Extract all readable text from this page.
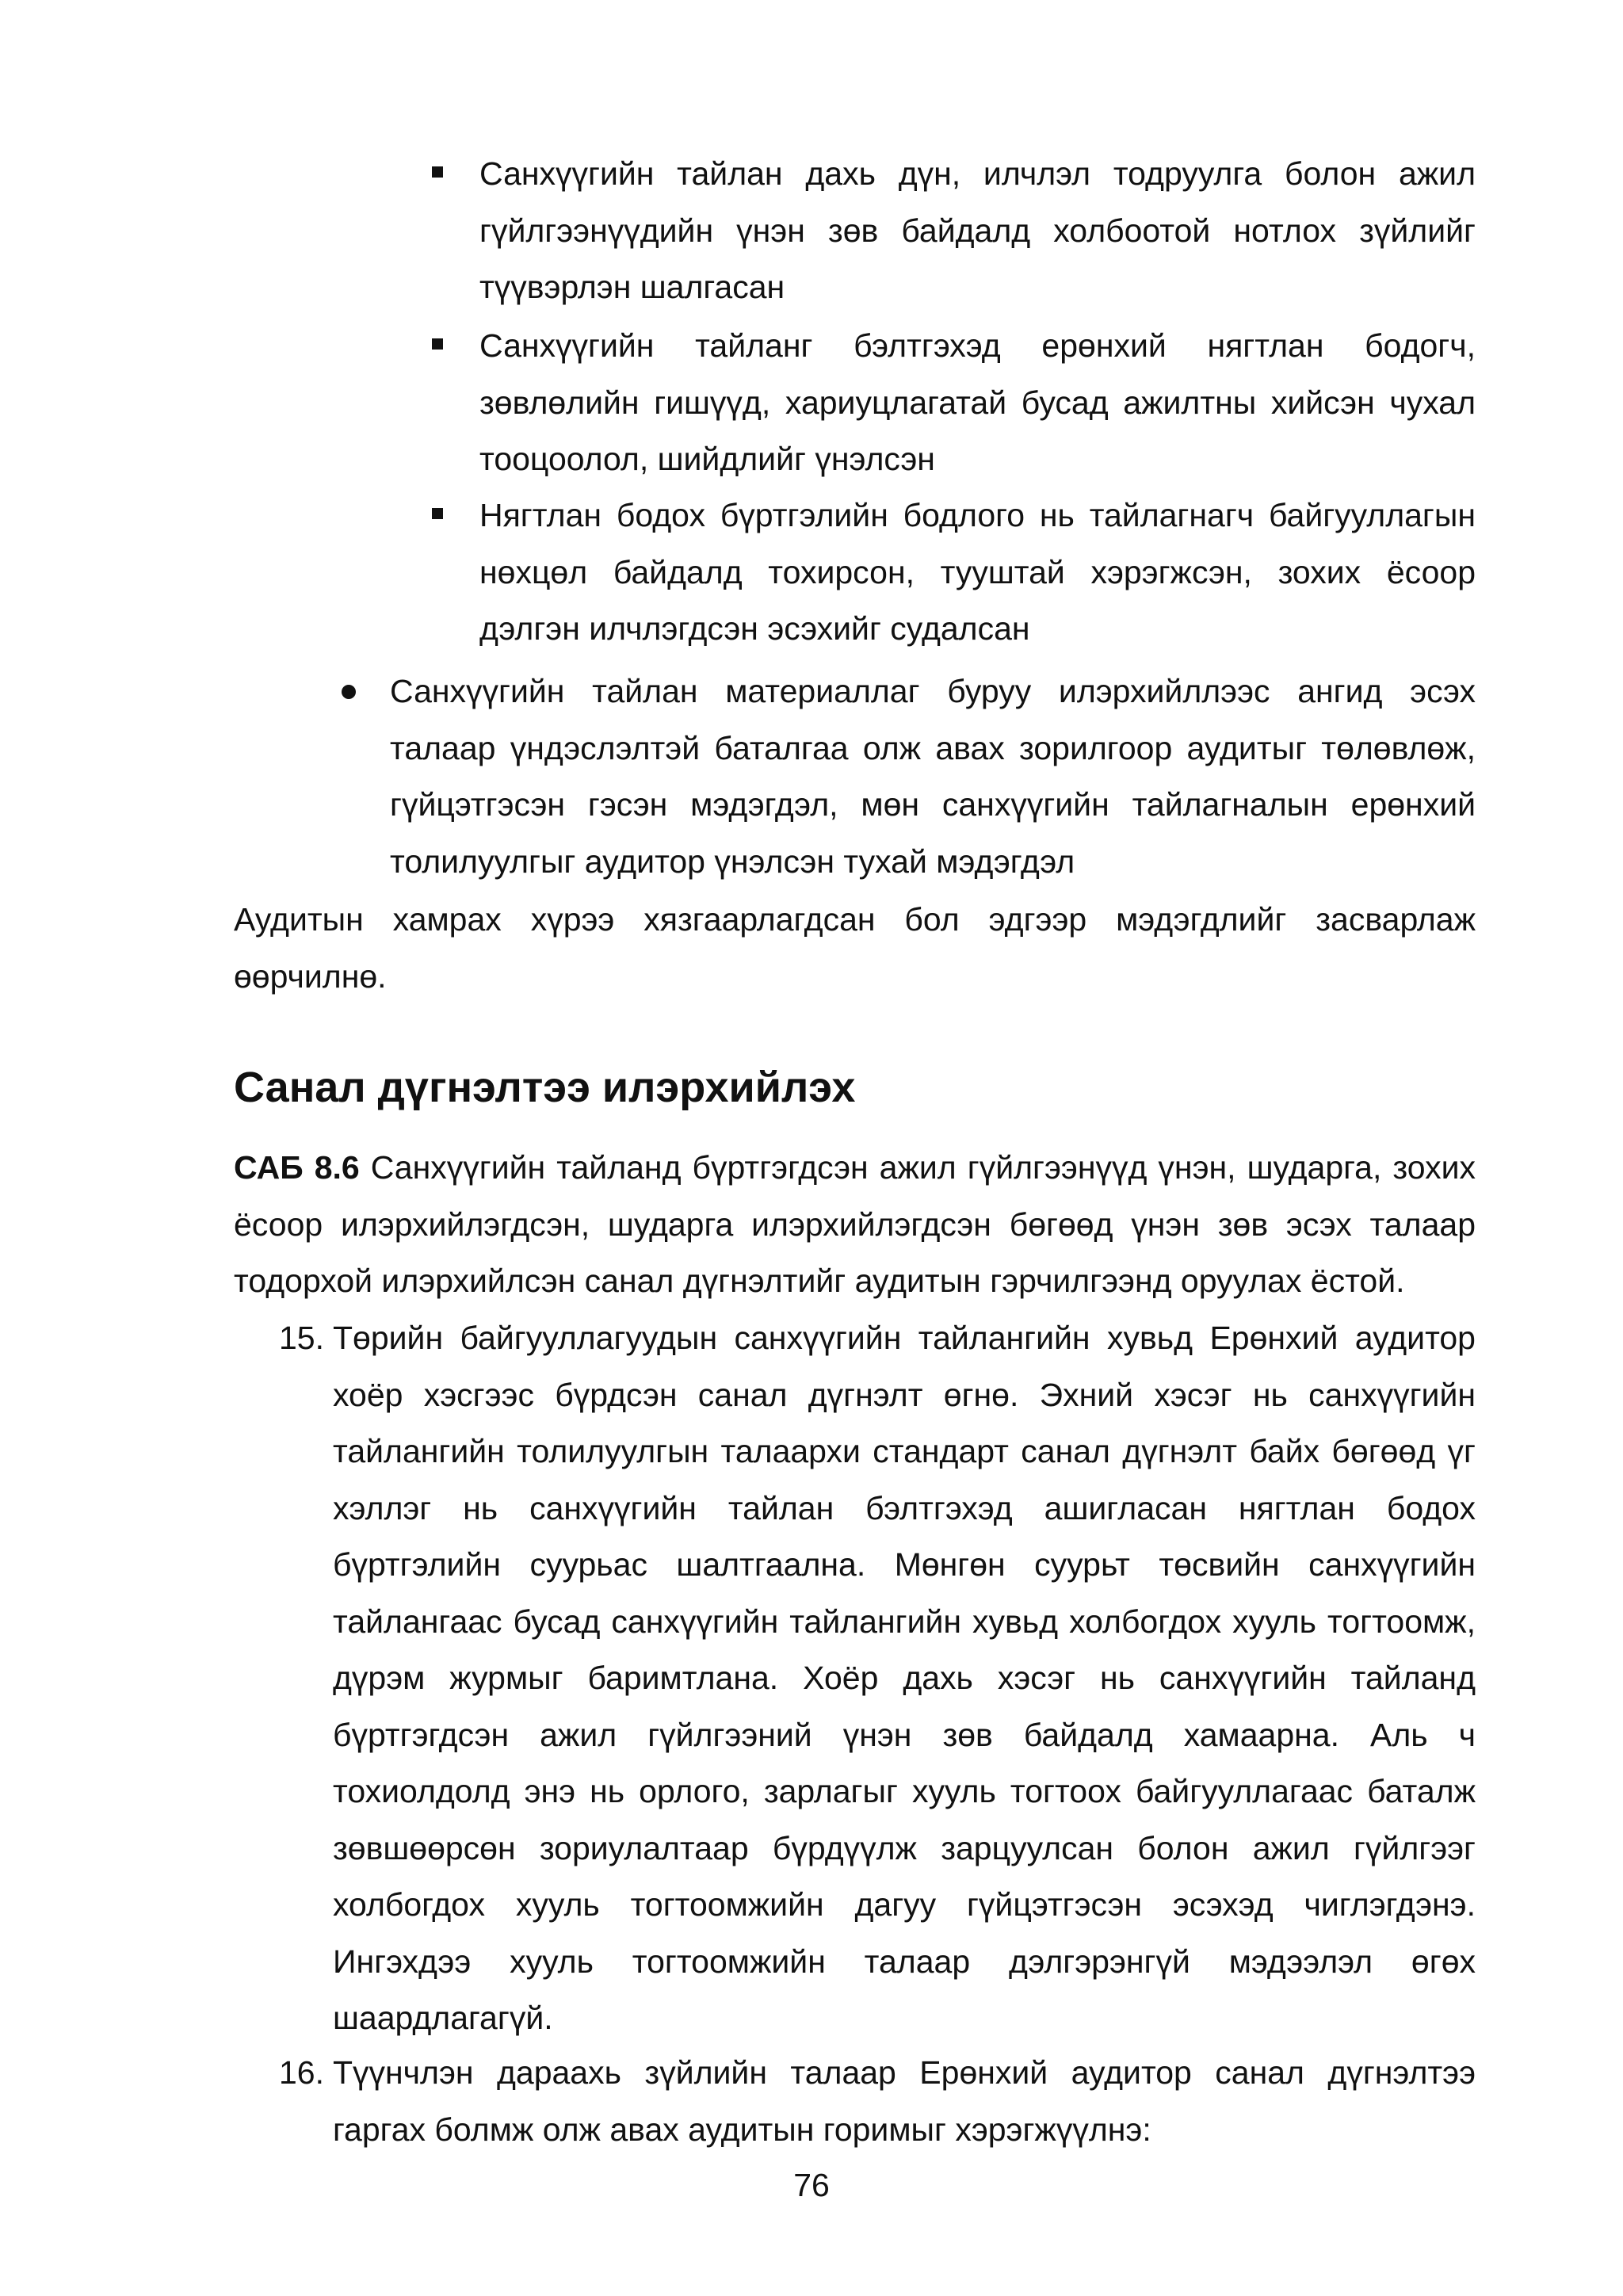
Санхүүгийн тайлан дахь дүн, илчлэл тодруулга болон ажил гүйлгээнүүдийн үнэн зөв байдалд холбоотой нотлох зүйлийг түүвэрлэн шалгасан
Санхүүгийн тайланг бэлтгэхэд ерөнхий нягтлан бодогч, зөвлөлийн гишүүд, хариуцлагатай бусад ажилтны хийсэн чухал тооцоолол, шийдлийг үнэлсэн
Нягтлан бодох бүртгэлийн бодлого нь тайлагнагч байгууллагын нөхцөл байдалд тохирсон, тууштай хэрэгжсэн, зохих ёсоор дэлгэн илчлэгдсэн эсэхийг судалсан
Санхүүгийн тайлан материаллаг буруу илэрхийллээс ангид эсэх талаар үндэслэлтэй баталгаа олж авах зорилгоор аудитыг төлөвлөж, гүйцэтгэсэн гэсэн мэдэгдэл, мөн санхүүгийн тайлагналын ерөнхий толилуулгыг аудитор үнэлсэн тухай мэдэгдэл
Аудитын хамрах хүрээ хязгаарлагдсан бол эдгээр мэдэгдлийг засварлаж өөрчилнө.
Санал дүгнэлтээ илэрхийлэх
САБ 8.6 Санхүүгийн тайланд бүртгэгдсэн ажил гүйлгээнүүд үнэн, шударга, зохих ёсоор илэрхийлэгдсэн, шударга илэрхийлэгдсэн бөгөөд үнэн зөв эсэх талаар тодорхой илэрхийлсэн санал дүгнэлтийг аудитын гэрчилгээнд оруулах ёстой.
15. Төрийн байгууллагуудын санхүүгийн тайлангийн хувьд Ерөнхий аудитор хоёр хэсгээс бүрдсэн санал дүгнэлт өгнө. Эхний хэсэг нь санхүүгийн тайлангийн толилуулгын талаархи стандарт санал дүгнэлт байх бөгөөд үг хэллэг нь санхүүгийн тайлан бэлтгэхэд ашигласан нягтлан бодох бүртгэлийн суурьас шалтгаална. Мөнгөн суурьт төсвийн санхүүгийн тайлангаас бусад санхүүгийн тайлангийн хувьд холбогдох хууль тогтоомж, дүрэм журмыг баримтлана. Хоёр дахь хэсэг нь санхүүгийн тайланд бүртгэгдсэн ажил гүйлгээний үнэн зөв байдалд хамаарна. Аль ч тохиолдолд энэ нь орлого, зарлагыг хууль тогтоох байгууллагаас баталж зөвшөөрсөн зориулалтаар бүрдүүлж зарцуулсан болон ажил гүйлгээг холбогдох хууль тогтоомжийн дагуу гүйцэтгэсэн эсэхэд чиглэгдэнэ. Ингэхдээ хууль тогтоомжийн талаар дэлгэрэнгүй мэдээлэл өгөх шаардлагагүй.
16. Түүнчлэн дараахь зүйлийн талаар Ерөнхий аудитор санал дүгнэлтээ гаргах болмж олж авах аудитын горимыг хэрэгжүүлнэ:
76
